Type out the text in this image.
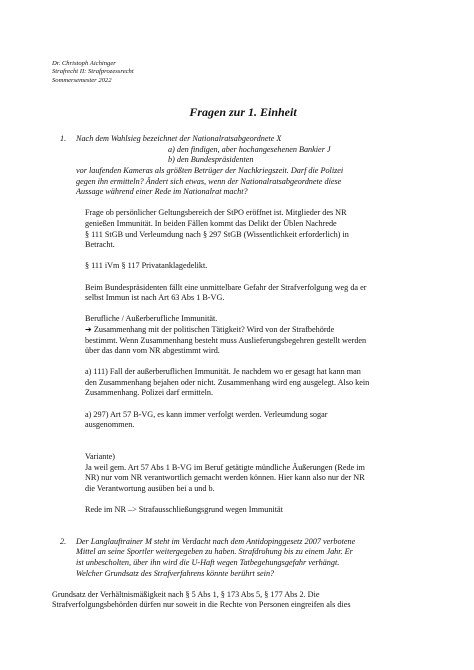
Dr. Christoph Aichinger
Strafrecht II: Strafprozessrecht
Sommersemester 2022
Fragen zur 1. Einheit
1.	Nach dem Wahlsieg bezeichnet der Nationalratsabgeordnete X
a) den findigen, aber hochangesehenen Bankier J
b) den Bundespräsidenten
vor laufenden Kameras als größten Betrüger der Nachkriegszeit. Darf die Polizei
gegen ihn ermitteln? Ändert sich etwas, wenn der Nationalratsabgeordnete diese
Aussage während einer Rede im Nationalrat macht?

Frage ob persönlicher Geltungsbereich der StPO eröffnet ist. Mitglieder des NR
genießen Immunität. In beiden Fällen kommt das Delikt der Üblen Nachrede
§ 111 StGB und Verleumdung nach § 297 StGB (Wissentlichkeit erforderlich) in
Betracht.

§ 111 iVm § 117 Privatanklagedelikt.

Beim Bundespräsidenten fällt eine unmittelbare Gefahr der Strafverfolgung weg da er
selbst Immun ist nach Art 63 Abs 1 B-VG.

Berufliche / Außerberufliche Immunität.
➔ Zusammenhang mit der politischen Tätigkeit? Wird von der Strafbehörde
bestimmt. Wenn Zusammenhang besteht muss Auslieferungsbegehren gestellt werden
über das dann vom NR abgestimmt wird.

a) 111) Fall der außerberuflichen Immunität. Je nachdem wo er gesagt hat kann man
den Zusammenhang bejahen oder nicht. Zusammenhang wird eng ausgelegt. Also kein
Zusammenhang. Polizei darf ermitteln.

a) 297) Art 57 B-VG, es kann immer verfolgt werden. Verleumdung sogar
ausgenommen.

Variante)
Ja weil gem. Art 57 Abs 1 B-VG im Beruf getätigte mündliche Äußerungen (Rede im
NR) nur vom NR verantwortlich gemacht werden können. Hier kann also nur der NR
die Verantwortung ausüben bei a und b.

Rede im NR –> Strafausschließungsgrund wegen Immunität

2.	Der Langlauftrainer M steht im Verdacht nach dem Antidopinggesetz 2007 verbotene
Mittel an seine Sportler weitergegeben zu haben. Strafdrohung bis zu einem Jahr. Er
ist unbescholten, über ihn wird die U-Haft wegen Tatbegehungsgefahr verhängt.
Welcher Grundsatz des Strafverfahrens könnte berührt sein?
Grundsatz der Verhältnismäßigkeit nach § 5 Abs 1, § 173 Abs 5, § 177 Abs 2. Die
Strafverfolgungsbehörden dürfen nur soweit in die Rechte von Personen eingreifen als dies
